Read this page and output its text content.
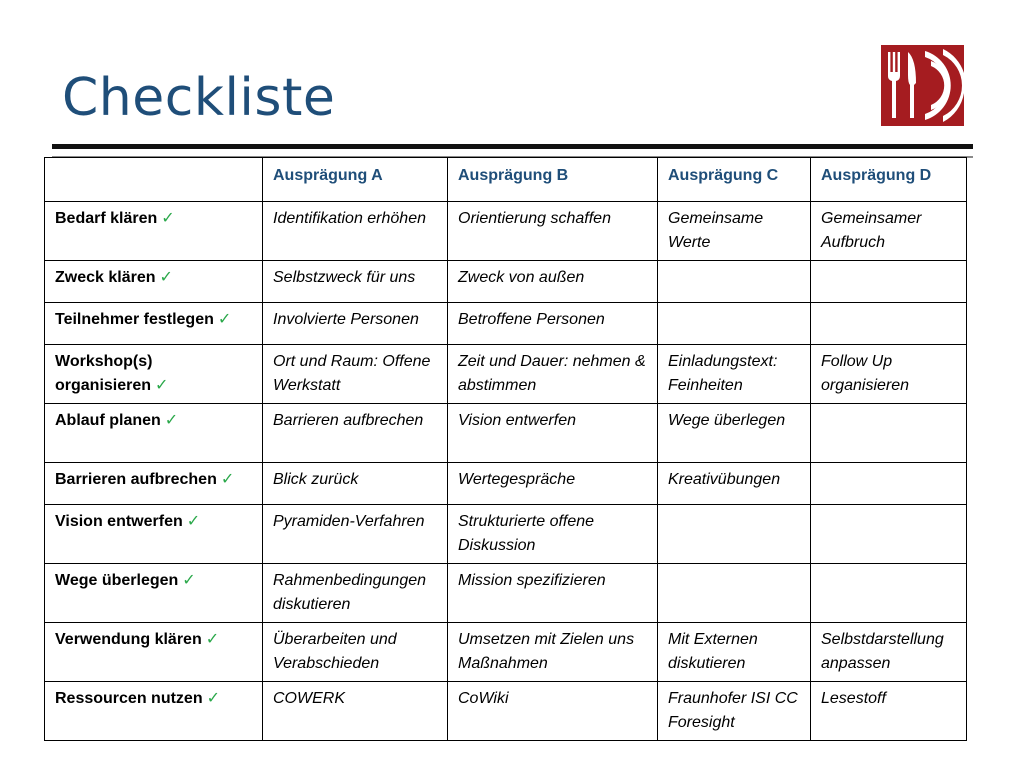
Checkliste
	Ausprägung A	Ausprägung B	Ausprägung C	Ausprägung D
Bedarf klären ✓	Identifikation erhöhen	Orientierung schaffen	Gemeinsame Werte	Gemeinsamer Aufbruch
Zweck klären ✓	Selbstzweck für uns	Zweck von außen		
Teilnehmer festlegen ✓	Involvierte Personen	Betroffene Personen		
Workshop(s) organisieren ✓	Ort und Raum: Offene Werkstatt	Zeit und Dauer: nehmen & abstimmen	Einladungstext: Feinheiten	Follow Up organisieren
Ablauf planen ✓	Barrieren aufbrechen	Vision entwerfen	Wege überlegen	
Barrieren aufbrechen ✓	Blick zurück	Wertegespräche	Kreativübungen	
Vision entwerfen ✓	Pyramiden-Verfahren	Strukturierte offene Diskussion		
Wege überlegen ✓	Rahmenbedingungen diskutieren	Mission spezifizieren		
Verwendung klären ✓	Überarbeiten und Verabschieden	Umsetzen mit Zielen uns Maßnahmen	Mit Externen diskutieren	Selbstdarstellung anpassen
Ressourcen nutzen ✓	COWERK	CoWiki	Fraunhofer ISI CC Foresight	Lesestoff
